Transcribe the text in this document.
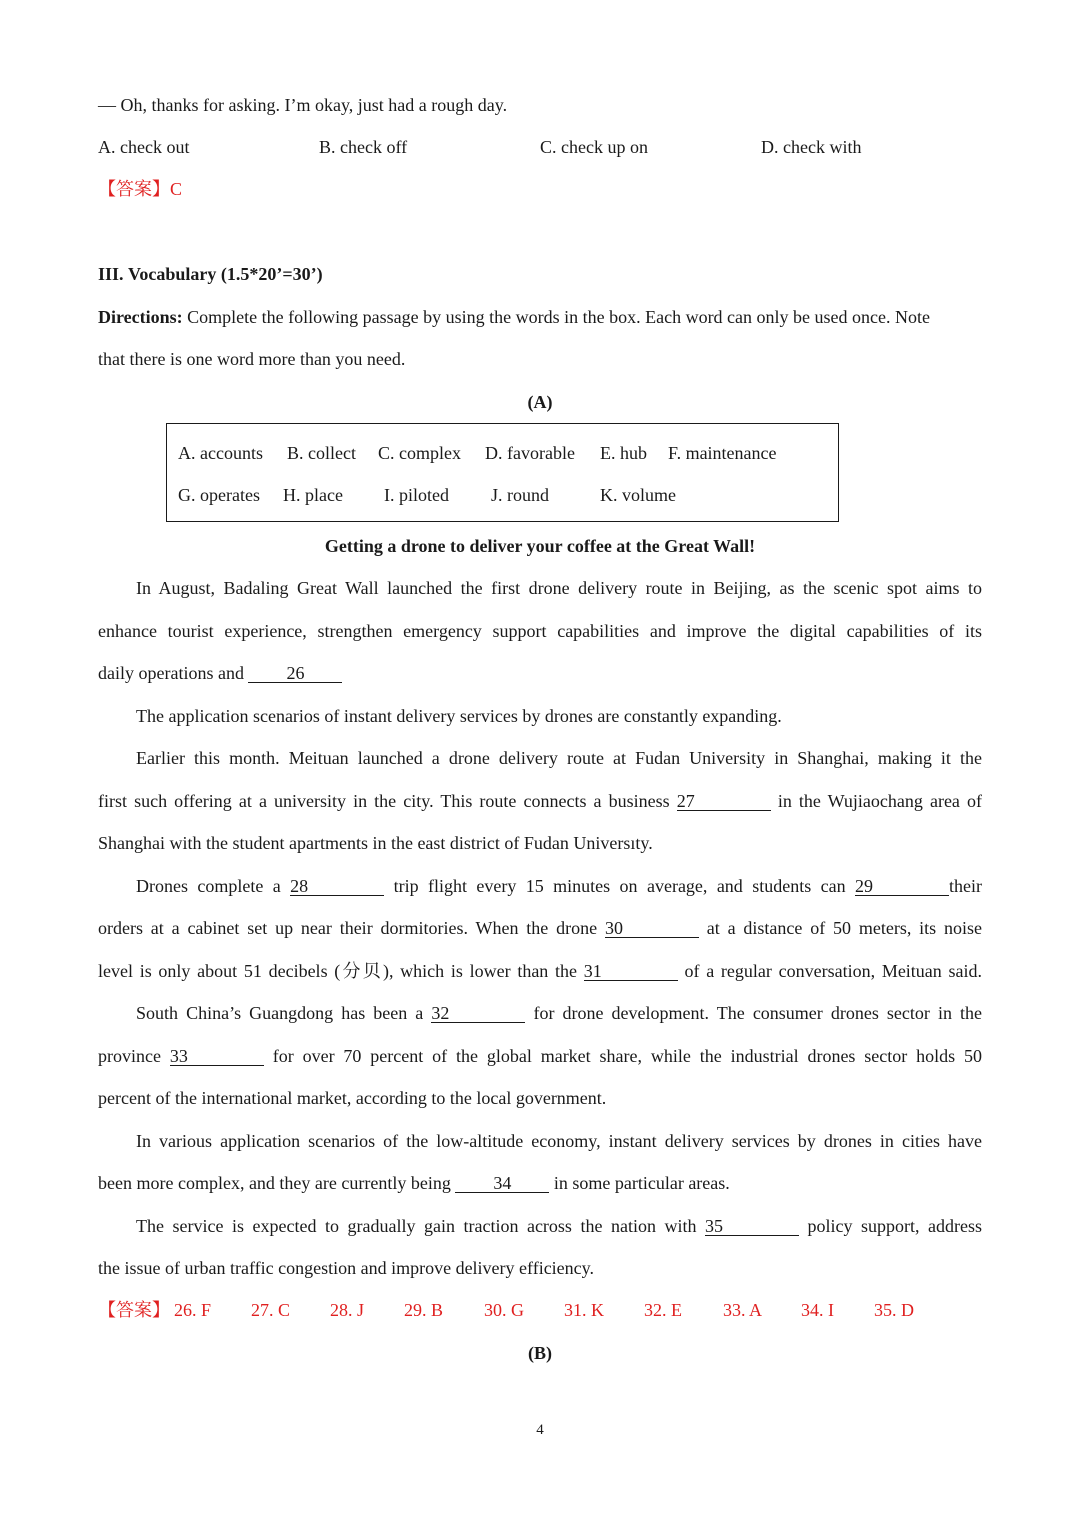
— Oh, thanks for asking. I’m okay, just had a rough day.
A. check out	B. check off	C. check up on	D. check with
【答案】C
III. Vocabulary (1.5*20’=30’)
Directions: Complete the following passage by using the words in the box. Each word can only be used once. Note
that there is one word more than you need.
(A)
A. accounts B. collect C. complex D. favorable E. hub F. maintenance
G. operates H. place I. piloted J. round	K. volume
Getting a drone to deliver your coffee at the Great Wall!
In August, Badaling Great Wall launched the first drone delivery route in Beijing, as the scenic spot aims to
enhance tourist experience, strengthen emergency support capabilities and improve the digital capabilities of its
daily operations and 26
The application scenarios of instant delivery services by drones are constantly expanding.
Earlier this month. Meituan launched a drone delivery route at Fudan University in Shanghai, making it the
first such offering at a university in the city. This route connects a business 27	in the Wujiaochang area of
Shanghai with the student apartments in the east district of Fudan Universıty.
Drones complete a 28	trip flight every 15 minutes on average, and students can 29	their
orders at a cabinet set up near their dormitories. When the drone 30	at a distance of 50 meters, its noise
level is only about 51 decibels (分贝), which is lower than the 31	of a regular conversation, Meituan said.
South China’s Guangdong has been a 32	for drone development. The consumer drones sector in the
province 33	for over 70 percent of the global market share, while the industrial drones sector holds 50
percent of the international market, according to the local government.
In various application scenarios of the low-altitude economy, instant delivery services by drones in cities have
been more complex, and they are currently being 34 in some particular areas.
The service is expected to gradually gain traction across the nation with 35	policy support, address
the issue of urban traffic congestion and improve delivery efficiency.
【答案】 26. F 27. C 28. J 29. B 30. G 31. K 32. E 33. A 34. I 35. D
(B)
4
